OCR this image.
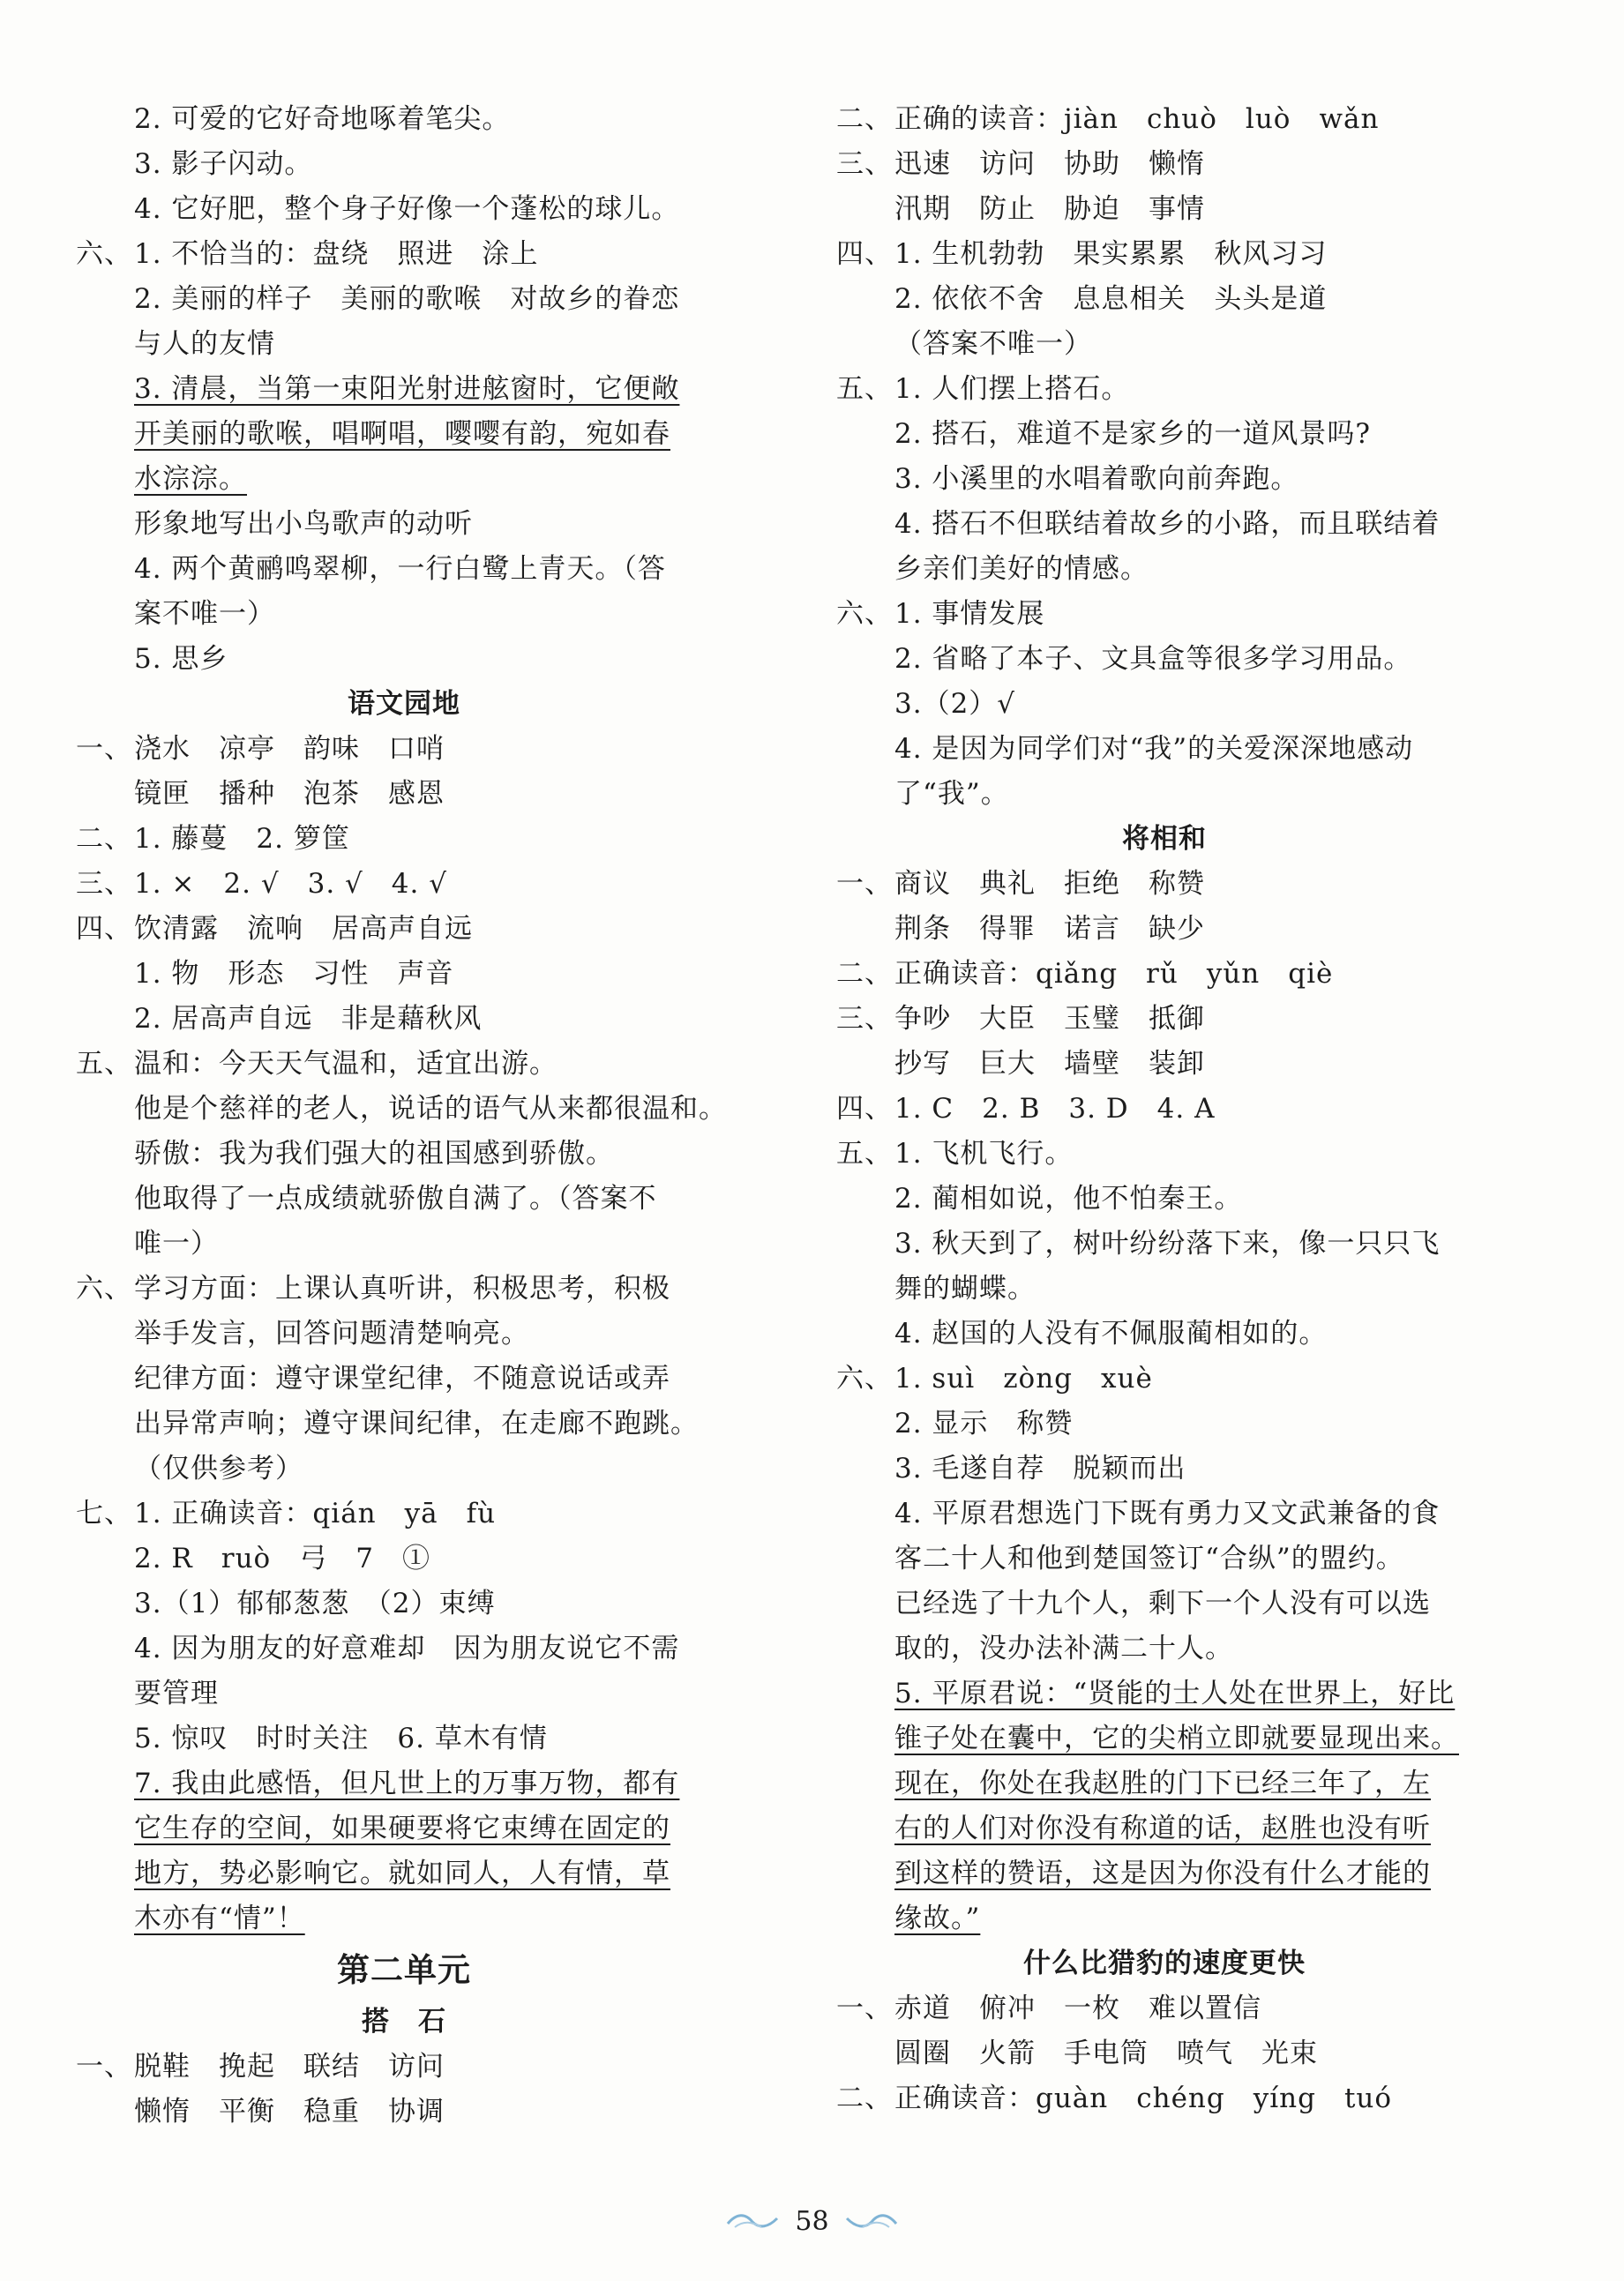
2. 可爱的它好奇地啄着笔尖。
3. 影子闪动。
4. 它好肥，整个身子好像一个蓬松的球儿。
六、1. 不恰当的：盘绕　照进　涂上
2. 美丽的样子　美丽的歌喉　对故乡的眷恋
与人的友情
3. 清晨，当第一束阳光射进舷窗时，它便敞
开美丽的歌喉，唱啊唱，嘤嘤有韵，宛如春
水淙淙。
形象地写出小鸟歌声的动听
4. 两个黄鹂鸣翠柳，一行白鹭上青天。（答
案不唯一）
5. 思乡
语文园地
一、浇水　凉亭　韵味　口哨
镜匣　播种　泡茶　感恩
二、1. 藤蔓　2. 箩筐
三、1. ×　2. √　3. √　4. √
四、饮清露　流响　居高声自远
1. 物　形态　习性　声音
2. 居高声自远　非是藉秋风
五、温和：今天天气温和，适宜出游。
他是个慈祥的老人，说话的语气从来都很温和。
骄傲：我为我们强大的祖国感到骄傲。
他取得了一点成绩就骄傲自满了。（答案不
唯一）
六、学习方面：上课认真听讲，积极思考，积极
举手发言，回答问题清楚响亮。
纪律方面：遵守课堂纪律，不随意说话或弄
出异常声响；遵守课间纪律，在走廊不跑跳。
（仅供参考）
七、1. 正确读音：qián　yā　fù
2. R　ruò　弓　7　①
3.（1）郁郁葱葱　（2）束缚
4. 因为朋友的好意难却　因为朋友说它不需
要管理
5. 惊叹　时时关注　6. 草木有情
7. 我由此感悟，但凡世上的万事万物，都有
它生存的空间，如果硬要将它束缚在固定的
地方，势必影响它。就如同人，人有情，草
木亦有“情”！
第二单元
搭　石
一、脱鞋　挽起　联结　访问
懒惰　平衡　稳重　协调
二、正确的读音：jiàn　chuò　luò　wǎn
三、迅速　访问　协助　懒惰
汛期　防止　胁迫　事情
四、1. 生机勃勃　果实累累　秋风习习
2. 依依不舍　息息相关　头头是道
（答案不唯一）
五、1. 人们摆上搭石。
2. 搭石，难道不是家乡的一道风景吗?
3. 小溪里的水唱着歌向前奔跑。
4. 搭石不但联结着故乡的小路，而且联结着
乡亲们美好的情感。
六、1. 事情发展
2. 省略了本子、文具盒等很多学习用品。
3.（2）√
4. 是因为同学们对“我”的关爱深深地感动
了“我”。
将相和
一、商议　典礼　拒绝　称赞
荆条　得罪　诺言　缺少
二、正确读音：qiǎng　rǔ　yǔn　qiè
三、争吵　大臣　玉璧　抵御
抄写　巨大　墙壁　装卸
四、1. C　2. B　3. D　4. A
五、1. 飞机飞行。
2. 蔺相如说，他不怕秦王。
3. 秋天到了，树叶纷纷落下来，像一只只飞
舞的蝴蝶。
4. 赵国的人没有不佩服蔺相如的。
六、1. suì　zòng　xuè
2. 显示　称赞
3. 毛遂自荐　脱颖而出
4. 平原君想选门下既有勇力又文武兼备的食
客二十人和他到楚国签订“合纵”的盟约。
已经选了十九个人，剩下一个人没有可以选
取的，没办法补满二十人。
5. 平原君说：“贤能的士人处在世界上，好比
锥子处在囊中，它的尖梢立即就要显现出来。
现在，你处在我赵胜的门下已经三年了，左
右的人们对你没有称道的话，赵胜也没有听
到这样的赞语，这是因为你没有什么才能的
缘故。”
什么比猎豹的速度更快
一、赤道　俯冲　一枚　难以置信
圆圈　火箭　手电筒　喷气　光束
二、正确读音：guàn　chéng　yíng　tuó
58
